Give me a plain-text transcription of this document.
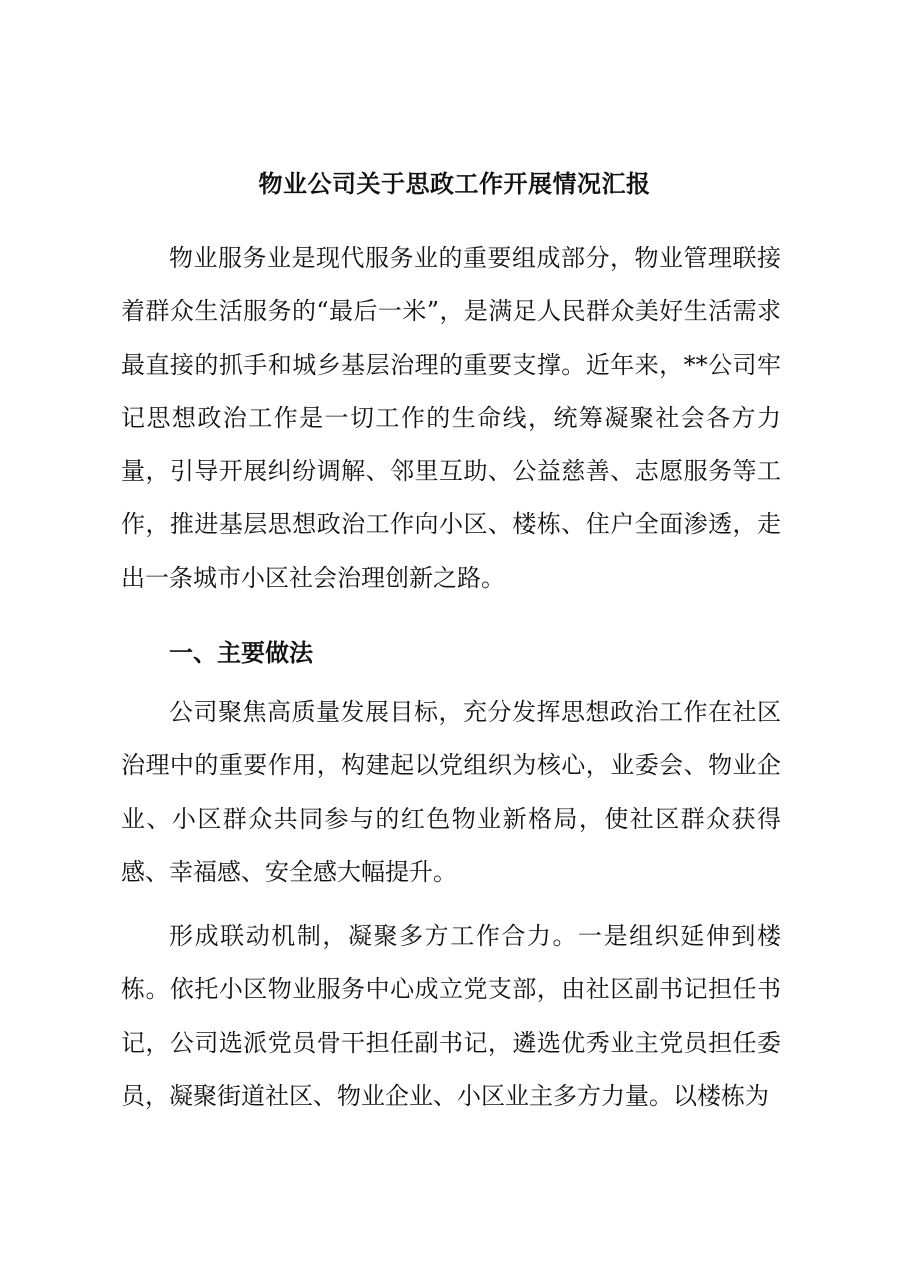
物业公司关于思政工作开展情况汇报

物业服务业是现代服务业的重要组成部分，物业管理联接着群众生活服务的“最后一米”，是满足人民群众美好生活需求最直接的抓手和城乡基层治理的重要支撑。近年来，**公司牢记思想政治工作是一切工作的生命线，统筹凝聚社会各方力量，引导开展纠纷调解、邻里互助、公益慈善、志愿服务等工作，推进基层思想政治工作向小区、楼栋、住户全面渗透，走出一条城市小区社会治理创新之路。

一、主要做法

公司聚焦高质量发展目标，充分发挥思想政治工作在社区治理中的重要作用，构建起以党组织为核心，业委会、物业企业、小区群众共同参与的红色物业新格局，使社区群众获得感、幸福感、安全感大幅提升。

形成联动机制，凝聚多方工作合力。一是组织延伸到楼栋。依托小区物业服务中心成立党支部，由社区副书记担任书记，公司选派党员骨干担任副书记，遴选优秀业主党员担任委员，凝聚街道社区、物业企业、小区业主多方力量。以楼栋为
